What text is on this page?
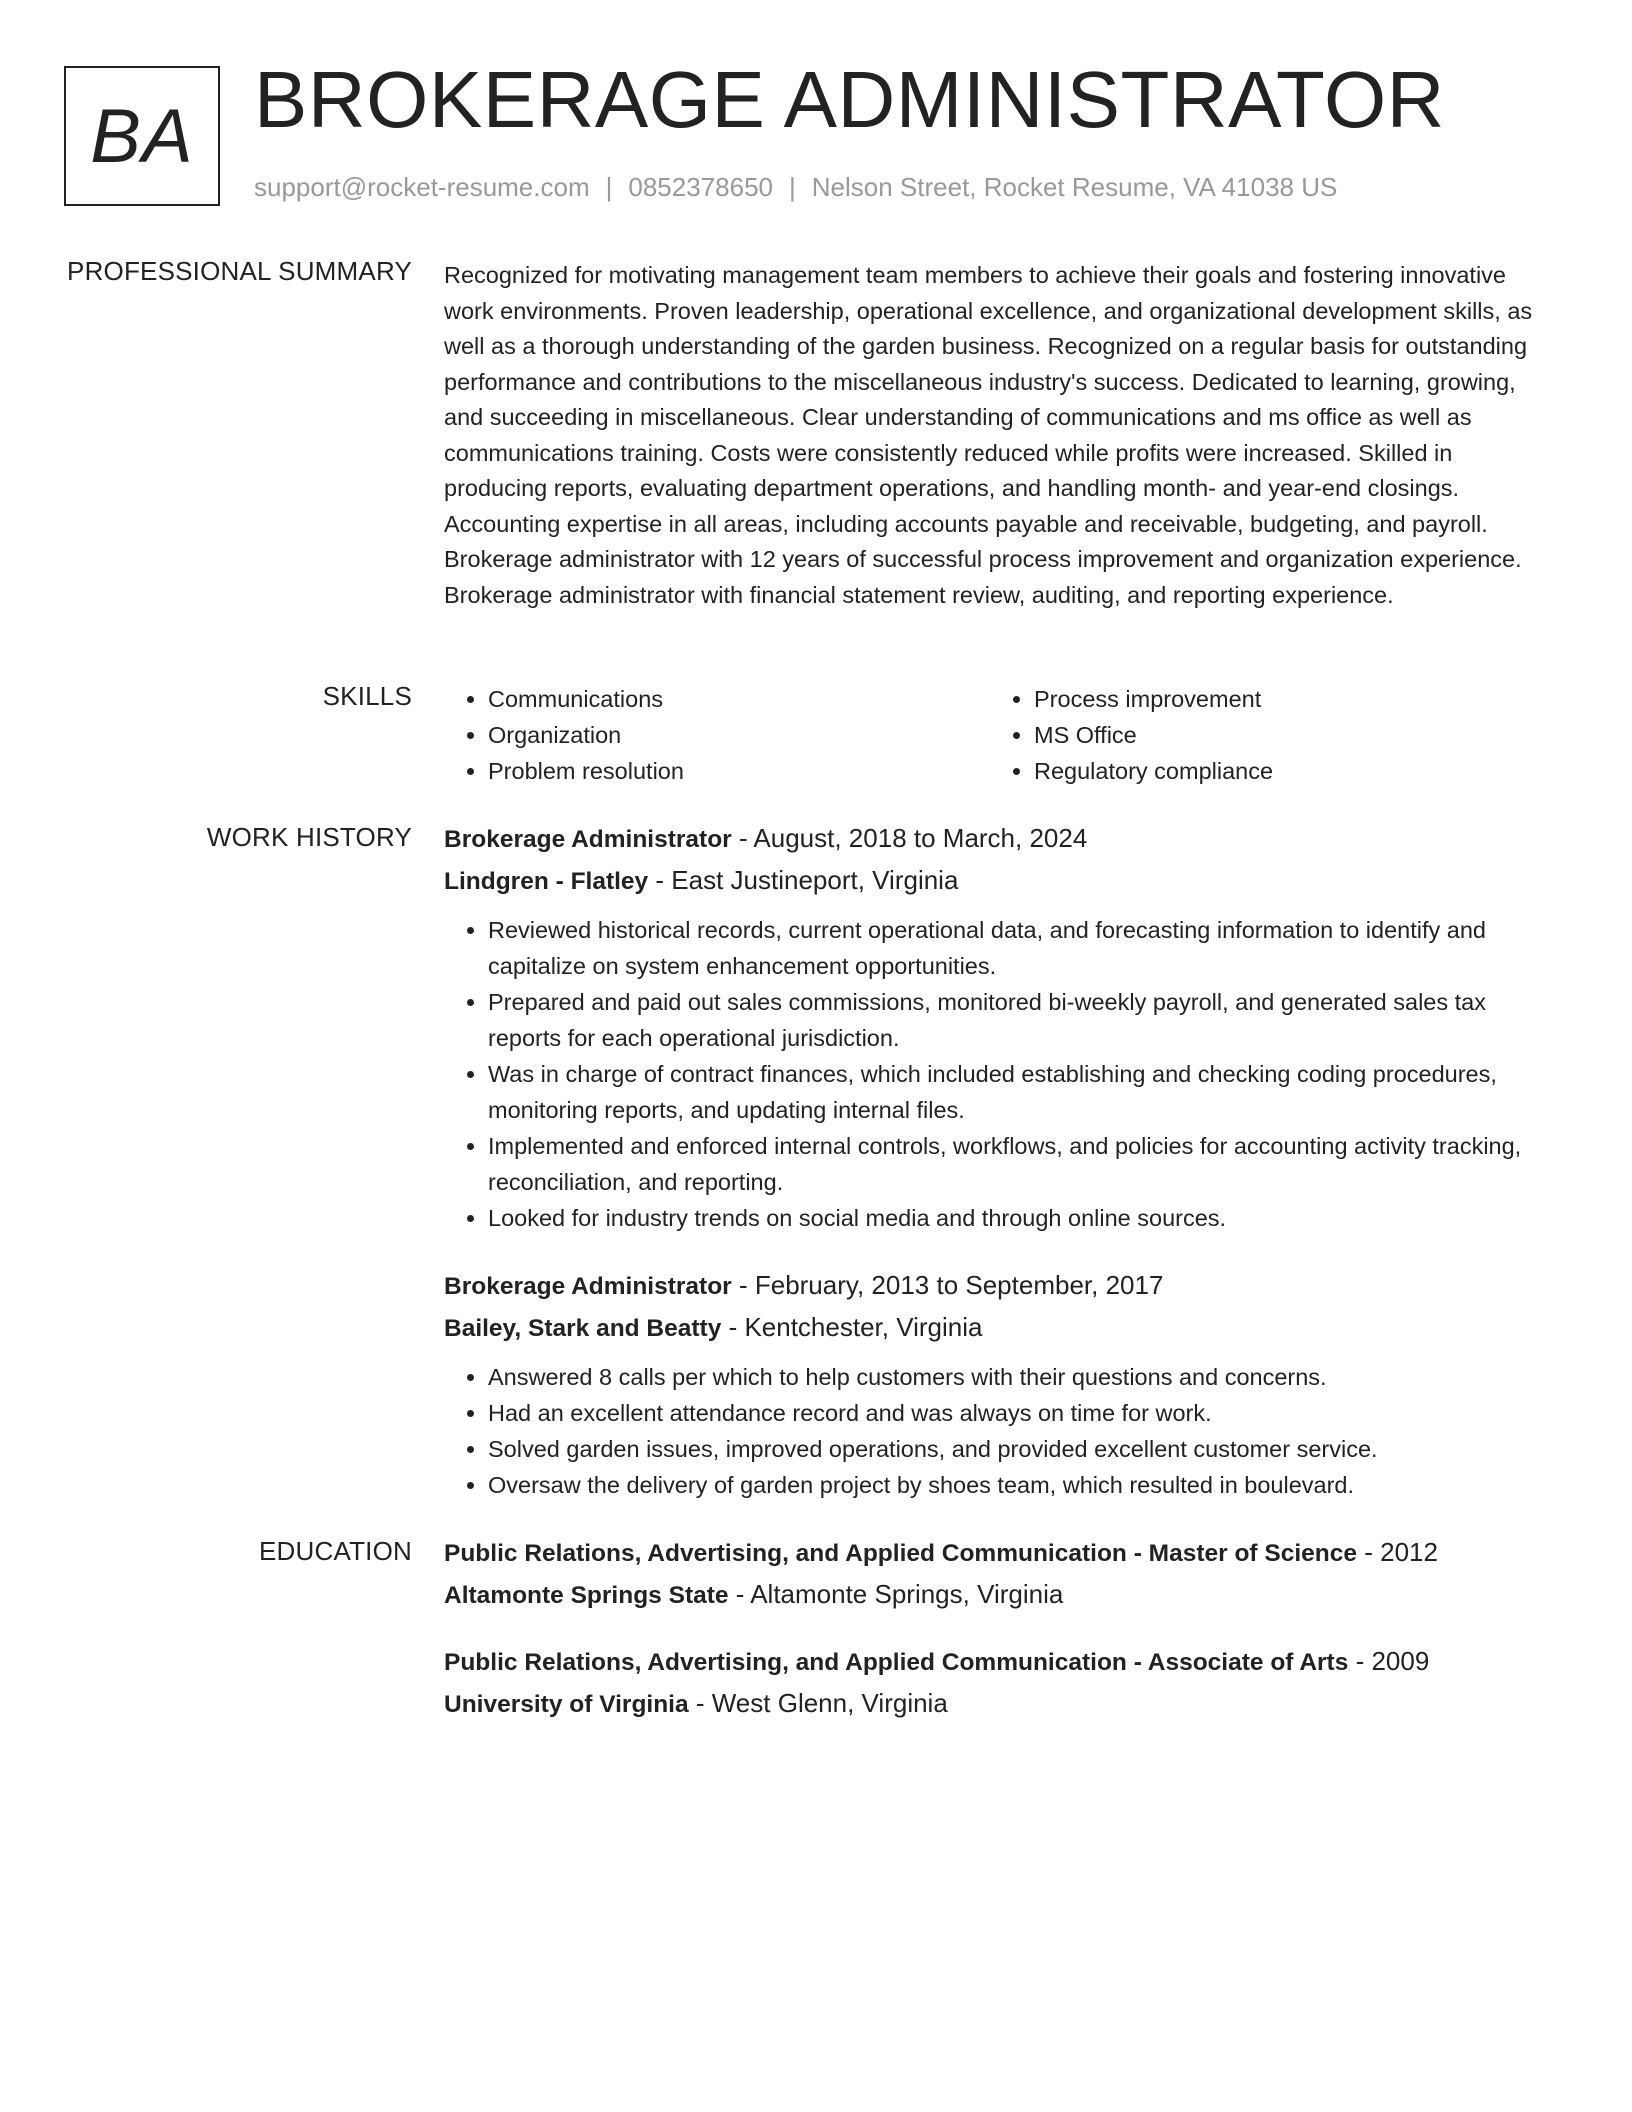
BA BROKERAGE ADMINISTRATOR
support@rocket-resume.com | 0852378650 | Nelson Street, Rocket Resume, VA 41038 US
PROFESSIONAL SUMMARY Recognized for motivating management team members to achieve their goals and fostering innovative work environments. Proven leadership, operational excellence, and organizational development skills, as well as a thorough understanding of the garden business. Recognized on a regular basis for outstanding performance and contributions to the miscellaneous industry's success. Dedicated to learning, growing, and succeeding in miscellaneous. Clear understanding of communications and ms office as well as communications training. Costs were consistently reduced while profits were increased. Skilled in producing reports, evaluating department operations, and handling month- and year-end closings. Accounting expertise in all areas, including accounts payable and receivable, budgeting, and payroll. Brokerage administrator with 12 years of successful process improvement and organization experience. Brokerage administrator with financial statement review, auditing, and reporting experience.

SKILLS
•	Communications
• Organization
• Problem resolution
• Process improvement
• MS Office
• Regulatory compliance
WORK HISTORY Brokerage Administrator - August, 2018 to March, 2024

Lindgren - Flatley - East Justineport, Virginia

• Reviewed historical records, current operational data, and forecasting information to identify and capitalize on system enhancement opportunities.
• Prepared and paid out sales commissions, monitored bi-weekly payroll, and generated sales tax reports for each operational jurisdiction.
• Was in charge of contract finances, which included establishing and checking coding procedures, monitoring reports, and updating internal files.
• Implemented and enforced internal controls, workflows, and policies for accounting activity tracking, reconciliation, and reporting.
• Looked for industry trends on social media and through online sources.

Brokerage Administrator - February, 2013 to September, 2017

Bailey, Stark and Beatty - Kentchester, Virginia

• Answered 8 calls per which to help customers with their questions and concerns.
• Had an excellent attendance record and was always on time for work.
• Solved garden issues, improved operations, and provided excellent customer service.
• Oversaw the delivery of garden project by shoes team, which resulted in boulevard.
EDUCATION Public Relations, Advertising, and Applied Communication - Master of Science - 2012

Altamonte Springs State - Altamonte Springs, Virginia

Public Relations, Advertising, and Applied Communication - Associate of Arts - 2009

University of Virginia - West Glenn, Virginia
